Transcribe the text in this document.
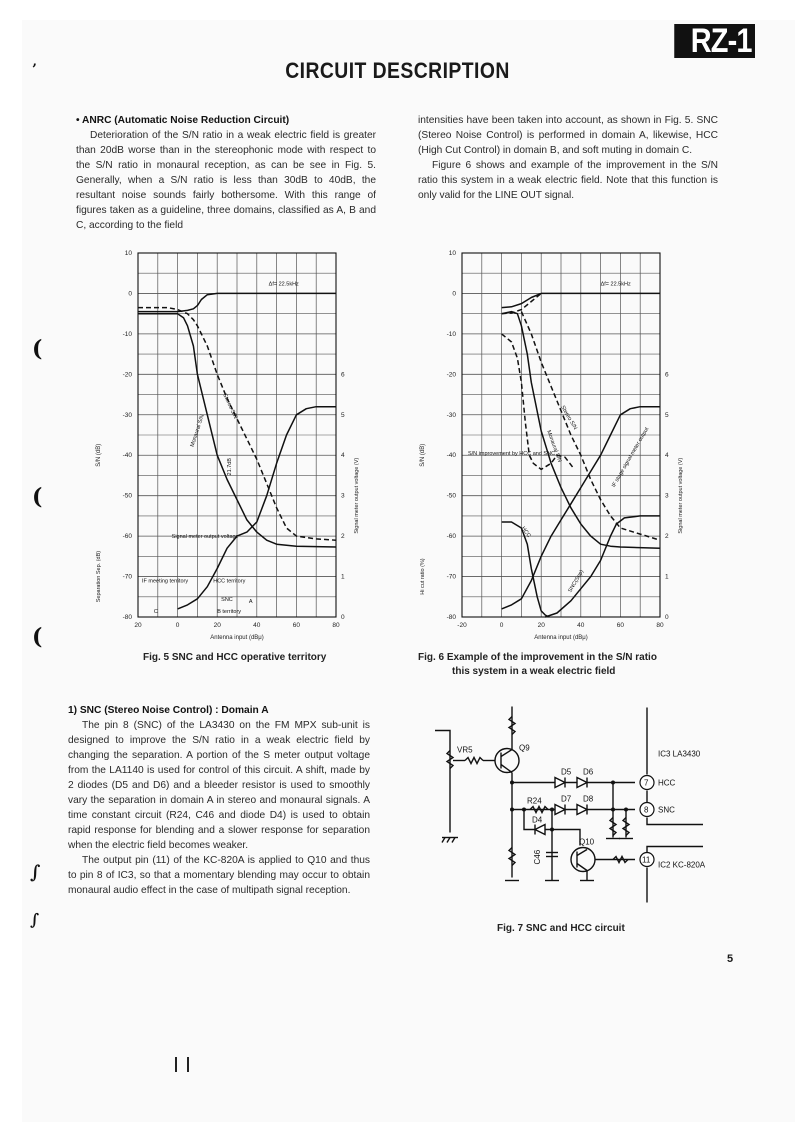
RZ-1
CIRCUIT DESCRIPTION
’
(
(
(
∫
∫

• ANRC (Automatic Noise Reduction Circuit)

Deterioration of the S/N ratio in a weak electric field is greater than 20dB worse than in the stereophonic mode with respect to the S/N ratio in monaural reception, as can be see in Fig. 5. Generally, when a S/N ratio is less than 30dB to 40dB, the resultant noise sounds fairly bothersome. With this range of figures taken as a guideline, three domains, classified as A, B and C, according to the field

intensities have been taken into account, as shown in Fig. 5. SNC (Stereo Noise Control) is performed in domain A, likewise, HCC (High Cut Control) in domain B, and soft muting in domain C.

Figure 6 shows and example of the improvement in the S/N ratio this system in a weak electric field. Note that this function is only valid for the LINE OUT signal.

10
0
-10
-20
-30
-40
-50
-60
-70
-80
6
5
4
3
2
1
0
20	0	20	40	60	80
Antenna input (dBμ)
S/N (dB)
Separation Sep. (dB)
Signal meter output voltage (V)
Δf= 22.5kHz
Monaural S/N
Stereo S/N
21.7dB
Signal meter output voltage
IF meeting territory	HCC territory
SNC
B territory
A
C
10
0
-10
-20
-30
-40
-50
-60
-70
-80
6
5
4
3
2
1
0
-20	0	20	40	60	80
Antenna input (dBμ)
S/N (dB)
Hi cut ratio (%)
Signal meter output voltage (V)
Δf= 22.5kHz
Monaural S/N
Stereo S/N
S/N improvement by HCC and SNC	IF stage signal meter output
HCC
SNC(Sep)
Fig. 5 SNC and HCC operative territory	Fig. 6 Example of the improvement in the S/N ratio
this system in a weak electric field

1) SNC (Stereo Noise Control) : Domain A

The pin 8 (SNC) of the LA3430 on the FM MPX sub-unit is designed to improve the S/N ratio in a weak electric field by changing the separation. A portion of the S meter output voltage from the LA1140 is used for control of this circuit. A shift, made by 2 diodes (D5 and D6) and a bleeder resistor is used to smoothly vary the separation in domain A in stereo and monaural signals. A time constant circuit (R24, C46 and diode D4) is used to obtain rapid response for blending and a slower response for separation when the electric field becomes weaker.

The output pin (11) of the KC-820A is applied to Q10 and thus to pin 8 of IC3, so that a momentary blending may occur to obtain monaural audio effect in the case of multipath signal reception.

7
8
11
VR5	Q9
Q10
D5 D6
D7 D8
R24
D4
C46
IC3 LA3430
HCC
SNC
IC2 KC-820A
Fig. 7 SNC and HCC circuit
5
